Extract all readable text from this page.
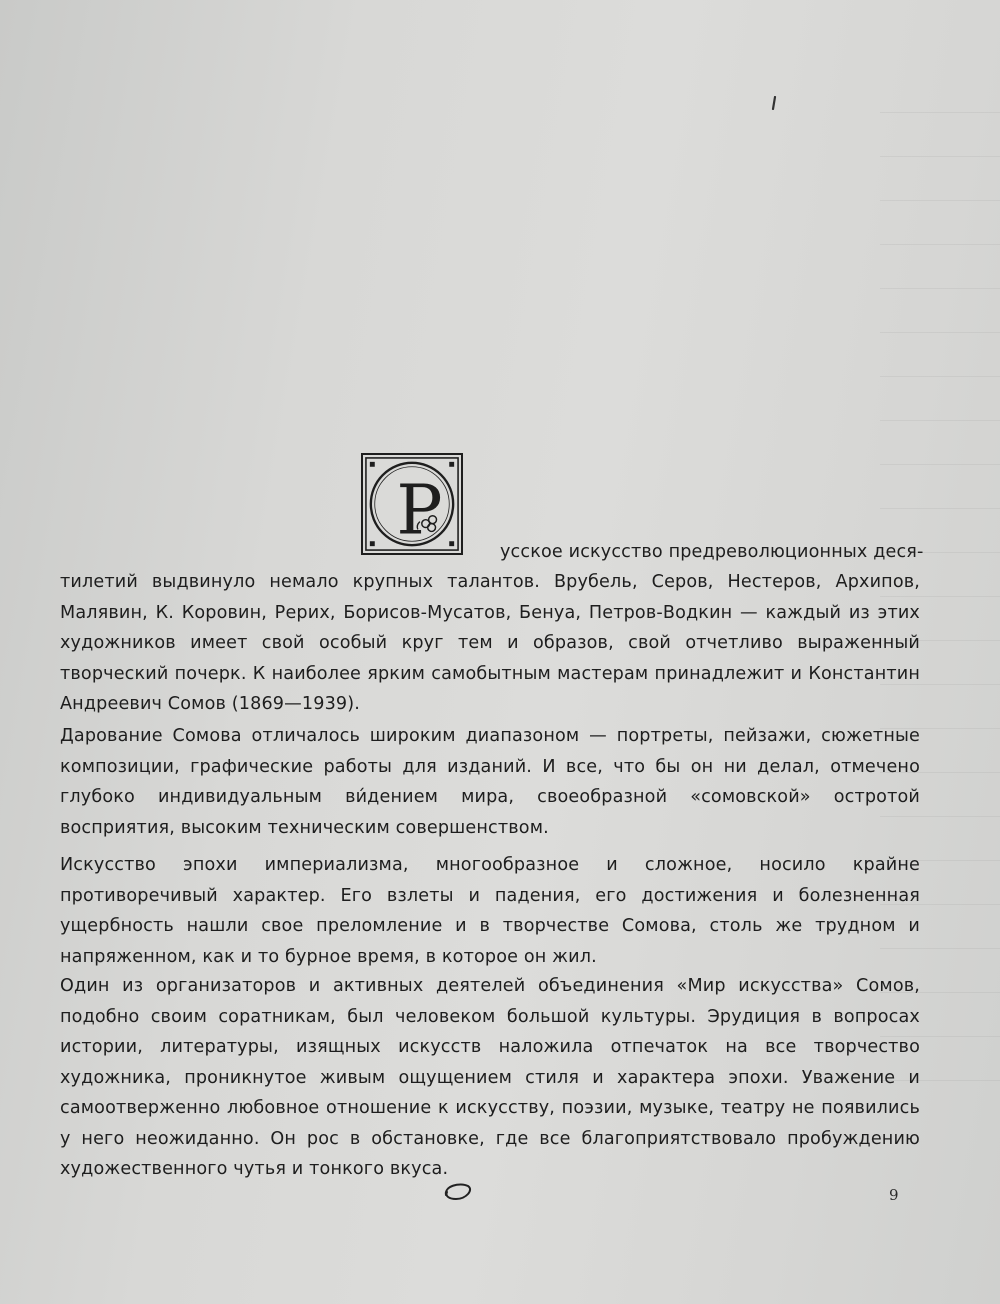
Р
усское искусство предреволюционных деся-
тилетий выдвинуло немало крупных талантов. Врубель, Серов, Нестеров, Архипов, Малявин, К. Коровин, Рерих, Борисов-Мусатов, Бенуа, Петров-Водкин — каждый из этих художников имеет свой особый круг тем и образов, свой отчетливо выраженный творческий почерк. К наиболее ярким самобытным мастерам принадлежит и Константин Андреевич Сомов (1869—1939).
Дарование Сомова отличалось широким диапазоном — портреты, пейзажи, сюжетные композиции, графические работы для изданий. И все, что бы он ни делал, отмечено глубоко индивидуальным ви́дением мира, своеобразной «сомовской» остротой восприятия, высоким техническим совершенством.
Искусство эпохи империализма, многообразное и сложное, носило крайне противоречивый характер. Его взлеты и падения, его достижения и болезненная ущербность нашли свое преломление и в творчестве Сомова, столь же трудном и напряженном, как и то бурное время, в которое он жил.
Один из организаторов и активных деятелей объединения «Мир искусства» Сомов, подобно своим соратникам, был человеком большой культуры. Эрудиция в вопросах истории, литературы, изящных искусств наложила отпечаток на все творчество художника, проникнутое живым ощущением стиля и характера эпохи. Уважение и самоотверженно любовное отношение к искусству, поэзии, музыке, театру не появились у него неожиданно. Он рос в обстановке, где все благоприятствовало пробуждению художественного чутья и тонкого вкуса.
9
